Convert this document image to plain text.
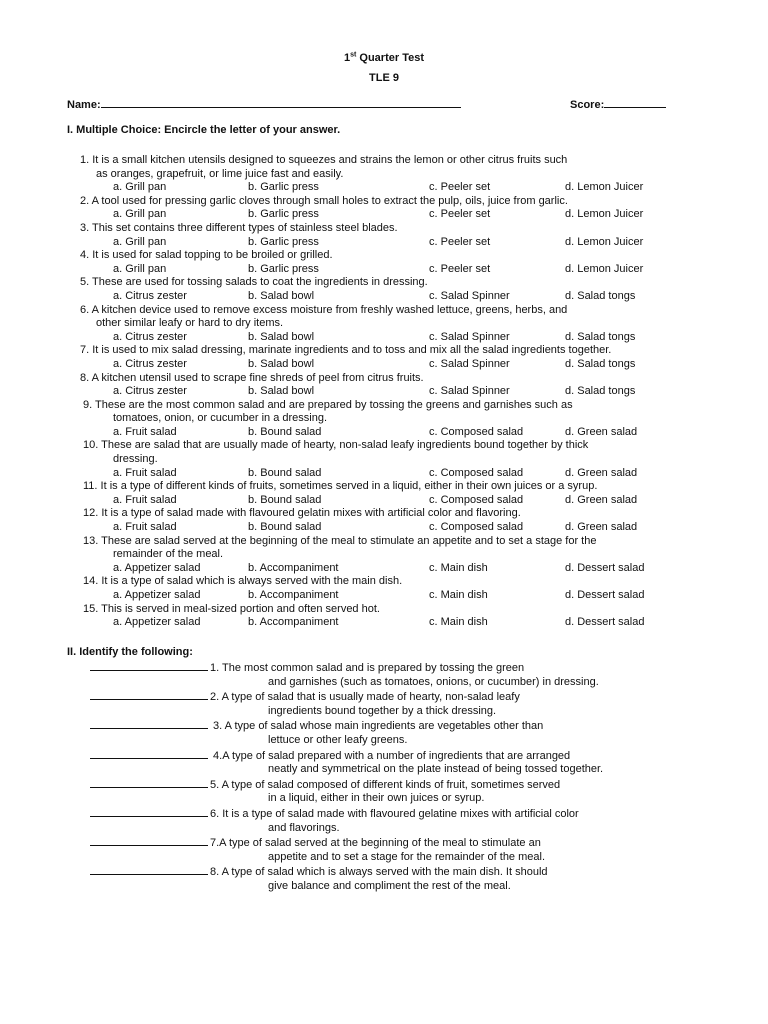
1st Quarter Test
TLE 9
Name:	Score:
I. Multiple Choice: Encircle the letter of your answer.
1. It is a small kitchen utensils designed to squeezes and strains the lemon or other citrus fruits such
as oranges, grapefruit, or lime juice fast and easily.
a. Grill pan	b. Garlic press	c. Peeler set	d. Lemon Juicer
2. A tool used for pressing garlic cloves through small holes to extract the pulp, oils, juice from garlic.
a. Grill pan	b. Garlic press	c. Peeler set	d. Lemon Juicer
3. This set contains three different types of stainless steel blades.
a. Grill pan	b. Garlic press	c. Peeler set	d. Lemon Juicer
4. It is used for salad topping to be broiled or grilled.
a. Grill pan	b. Garlic press	c. Peeler set	d. Lemon Juicer
5. These are used for tossing salads to coat the ingredients in dressing.
a. Citrus zester	b. Salad bowl	c. Salad Spinner	d. Salad tongs
6. A kitchen device used to remove excess moisture from freshly washed lettuce, greens, herbs, and
other similar leafy or hard to dry items.
a. Citrus zester	b. Salad bowl	c. Salad Spinner	d. Salad tongs
7. It is used to mix salad dressing, marinate ingredients and to toss and mix all the salad ingredients together.
a. Citrus zester	b. Salad bowl	c. Salad Spinner	d. Salad tongs
8. A kitchen utensil used to scrape fine shreds of peel from citrus fruits.
a. Citrus zester	b. Salad bowl	c. Salad Spinner	d. Salad tongs
9. These are the most common salad and are prepared by tossing the greens and garnishes such as
tomatoes, onion, or cucumber in a dressing.
a. Fruit salad	b. Bound salad	c. Composed salad	d. Green salad
10. These are salad that are usually made of hearty, non-salad leafy ingredients bound together by thick
dressing.
a. Fruit salad	b. Bound salad	c. Composed salad	d. Green salad
11. It is a type of different kinds of fruits, sometimes served in a liquid, either in their own juices or a syrup.
a. Fruit salad	b. Bound salad	c. Composed salad	d. Green salad
12. It is a type of salad made with flavoured gelatin mixes with artificial color and flavoring.
a. Fruit salad	b. Bound salad	c. Composed salad	d. Green salad
13. These are salad served at the beginning of the meal to stimulate an appetite and to set a stage for the
remainder of the meal.
a. Appetizer salad	b. Accompaniment	c. Main dish	d. Dessert salad
14. It is a type of salad which is always served with the main dish.
a. Appetizer salad	b. Accompaniment	c. Main dish	d. Dessert salad
15. This is served in meal-sized portion and often served hot.
a. Appetizer salad	b. Accompaniment	c. Main dish	d. Dessert salad
II. Identify the following:
1. The most common salad and is prepared by tossing the green
and garnishes (such as tomatoes, onions, or cucumber) in dressing.
2. A type of salad that is usually made of hearty, non-salad leafy
ingredients bound together by a thick dressing.
3. A type of salad whose main ingredients are vegetables other than
lettuce or other leafy greens.
4.A type of salad prepared with a number of ingredients that are arranged
neatly and symmetrical on the plate instead of being tossed together.
5. A type of salad composed of different kinds of fruit, sometimes served
in a liquid, either in their own juices or syrup.
6. It is a type of salad made with flavoured gelatine mixes with artificial color
and flavorings.
7.A type of salad served at the beginning of the meal to stimulate an
appetite and to set a stage for the remainder of the meal.
8. A type of salad which is always served with the main dish. It should
give balance and compliment the rest of the meal.
